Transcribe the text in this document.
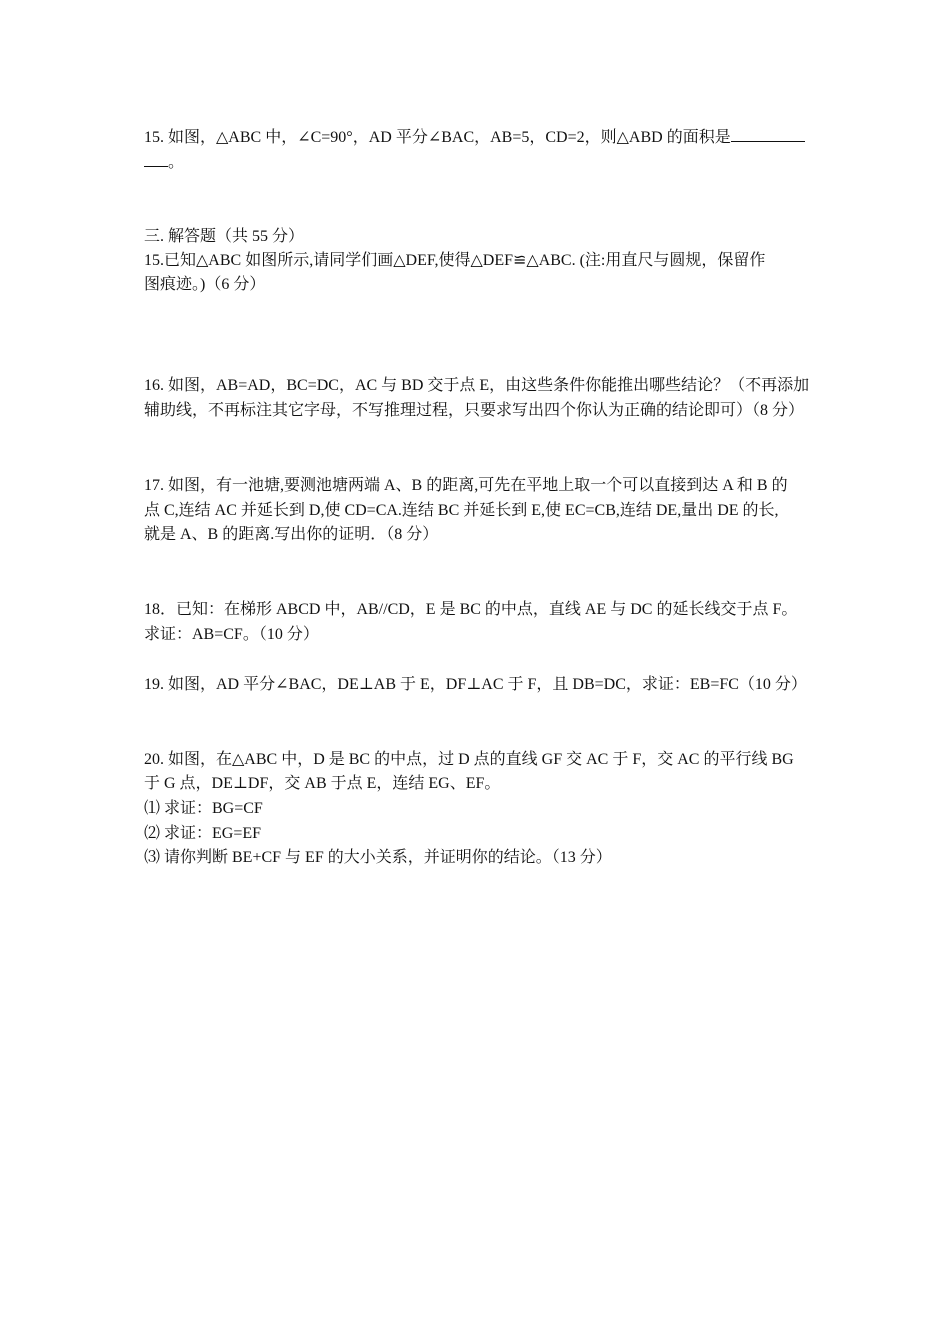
15. 如图，△ABC 中，∠C=90°，AD 平分∠BAC，AB=5，CD=2，则△ABD 的面积是
。
三. 解答题（共 55 分）
15.已知△ABC 如图所示,请同学们画△DEF,使得△DEF≌△ABC. (注:用直尺与圆规，保留作
图痕迹。)（6 分）
16. 如图，AB=AD，BC=DC，AC 与 BD 交于点 E，由这些条件你能推出哪些结论？（不再添加
辅助线，不再标注其它字母，不写推理过程，只要求写出四个你认为正确的结论即可）（8 分）
17. 如图，有一池塘,要测池塘两端 A、B 的距离,可先在平地上取一个可以直接到达 A 和 B 的
点 C,连结 AC 并延长到 D,使 CD=CA.连结 BC 并延长到 E,使 EC=CB,连结 DE,量出 DE 的长,
就是 A、B 的距离.写出你的证明．（8 分）
18．已知：在梯形 ABCD 中，AB//CD，E 是 BC 的中点，直线 AE 与 DC 的延长线交于点 F。
求证：AB=CF。（10 分）
19. 如图，AD 平分∠BAC，DE⊥AB 于 E，DF⊥AC 于 F，且 DB=DC，求证：EB=FC（10 分）
20. 如图，在△ABC 中，D 是 BC 的中点，过 D 点的直线 GF 交 AC 于 F，交 AC 的平行线 BG
于 G 点，DE⊥DF，交 AB 于点 E，连结 EG、EF。
⑴ 求证：BG=CF
⑵ 求证：EG=EF
⑶ 请你判断 BE+CF 与 EF 的大小关系，并证明你的结论。（13 分）
